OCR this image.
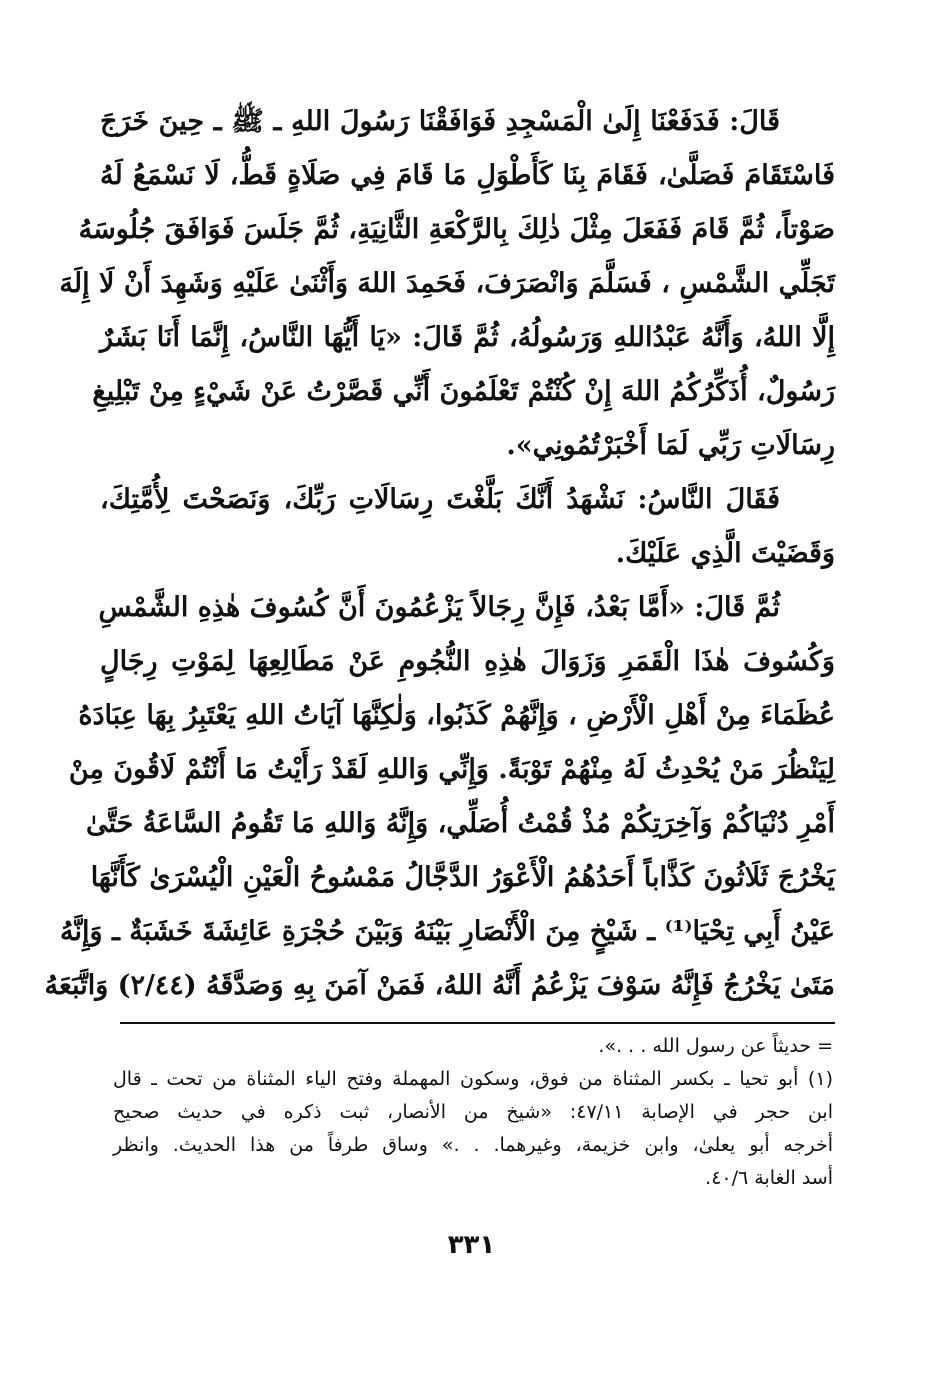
قَالَ: فَدَفَعْنَا إِلَىٰ الْمَسْجِدِ فَوَافَقْنَا رَسُولَ اللهِ ـ ﷺ ـ حِينَ خَرَجَ
فَاسْتَقَامَ فَصَلَّىٰ، فَقَامَ بِنَا كَأَطْوَلِ مَا قَامَ فِي صَلَاةٍ قَطُّ، لَا نَسْمَعُ لَهُ
صَوْتاً، ثُمَّ قَامَ فَفَعَلَ مِثْلَ ذٰلِكَ بِالرَّكْعَةِ الثَّانِيَةِ، ثُمَّ جَلَسَ فَوَافَقَ جُلُوسَهُ
تَجَلِّي الشَّمْسِ ، فَسَلَّمَ وَانْصَرَفَ، فَحَمِدَ اللهَ وَأَثْنَىٰ عَلَيْهِ وَشَهِدَ أَنْ لَا إِلَهَ
إِلَّا اللهُ، وَأَنَّهُ عَبْدُاللهِ وَرَسُولُهُ، ثُمَّ قَالَ: «يَا أَيُّهَا النَّاسُ، إِنَّمَا أَنَا بَشَرٌ
رَسُولٌ، أُذَكِّرُكُمُ اللهَ إِنْ كُنْتُمْ تَعْلَمُونَ أَنِّي قَصَّرْتُ عَنْ شَيْءٍ مِنْ تَبْلِيغِ
رِسَالَاتِ رَبِّي لَمَا أَخْبَرْتُمُونِي».
فَقَالَ النَّاسُ: نَشْهَدُ أَنَّكَ بَلَّغْتَ رِسَالَاتِ رَبِّكَ، وَنَصَحْتَ لِأُمَّتِكَ،
وَقَضَيْتَ الَّذِي عَلَيْكَ.
ثُمَّ قَالَ: «أَمَّا بَعْدُ، فَإِنَّ رِجَالاً يَزْعُمُونَ أَنَّ كُسُوفَ هٰذِهِ الشَّمْسِ
وَكُسُوفَ هٰذَا الْقَمَرِ وَزَوَالَ هٰذِهِ النُّجُومِ عَنْ مَطَالِعِهَا لِمَوْتِ رِجَالٍ
عُظَمَاءَ مِنْ أَهْلِ الْأَرْضِ ، وَإِنَّهُمْ كَذَبُوا، وَلٰكِنَّهَا آيَاتُ اللهِ يَعْتَبِرُ بِهَا عِبَادَهُ
لِيَنْظُرَ مَنْ يُحْدِثُ لَهُ مِنْهُمْ تَوْبَةً. وَإِنِّي وَاللهِ لَقَدْ رَأَيْتُ مَا أَنْتُمْ لَاقُونَ مِنْ
أَمْرِ دُنْيَاكُمْ وَآخِرَتِكُمْ مُذْ قُمْتُ أُصَلِّي، وَإِنَّهُ وَاللهِ مَا تَقُومُ السَّاعَةُ حَتَّىٰ
يَخْرُجَ ثَلَاثُونَ كَذَّاباً أَحَدُهُمُ الْأَعْوَرُ الدَّجَّالُ مَمْسُوحُ الْعَيْنِ الْيُسْرَىٰ كَأَنَّهَا
عَيْنُ أَبِي تِحْيَا⁽¹⁾ ـ شَيْخٍ مِنَ الْأَنْصَارِ بَيْنَهُ وَبَيْنَ حُجْرَةِ عَائِشَةَ خَشَبَةٌ ـ وَإِنَّهُ
مَتَىٰ يَخْرُجُ فَإِنَّهُ سَوْفَ يَزْعُمُ أَنَّهُ اللهُ، فَمَنْ آمَنَ بِهِ وَصَدَّقَهُ (٢/٤٤) وَاتَّبَعَهُ
= حديثاً عن رسول الله . . .».
(١) أبو تحيا ـ بكسر المثناة من فوق، وسكون المهملة وفتح الياء المثناة من تحت ـ قال
ابن حجر في الإصابة ٤٧/١١: «شيخ من الأنصار، ثبت ذكره في حديث صحيح
أخرجه أبو يعلىٰ، وابن خزيمة، وغيرهما. . .» وساق طرفاً من هذا الحديث. وانظر
أسد الغابة ٤٠/٦.
٣٣١
